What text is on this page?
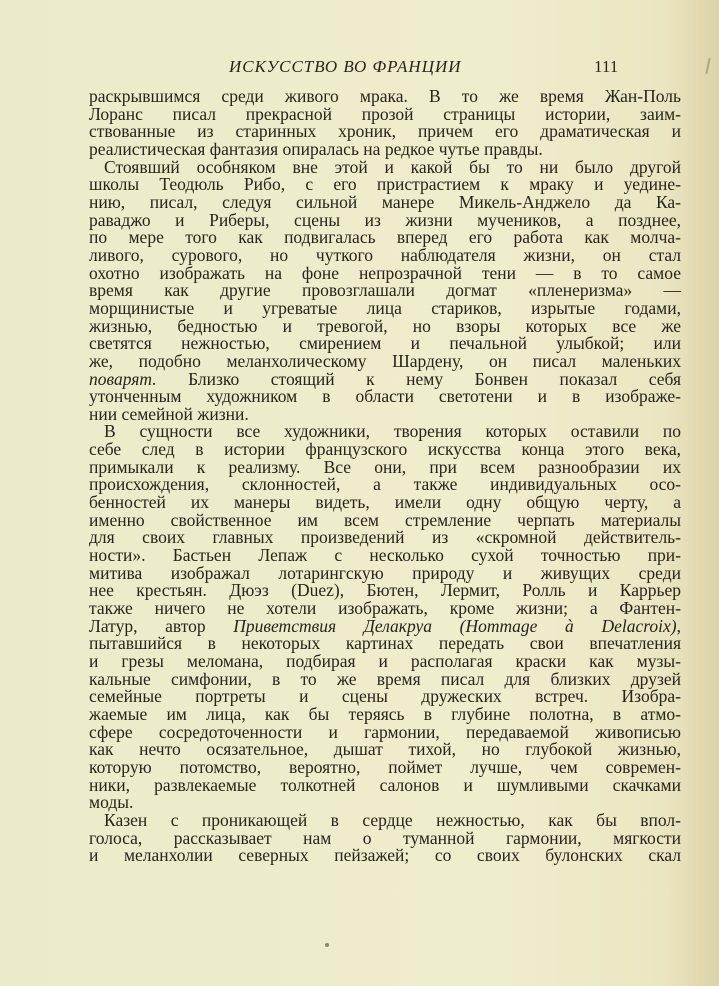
ИСКУССТВО ВО ФРАНЦИИ	111
раскрывшимся среди живого мрака. В то же время Жан-Поль
Лоранс писал прекрасной прозой страницы истории, заим-
ствованные из старинных хроник, причем его драматическая и
реалистическая фантазия опиралась на редкое чутье правды.
Стоявший особняком вне этой и какой бы то ни было другой
школы Теодюль Рибо, с его пристрастием к мраку и уедине-
нию, писал, следуя сильной манере Микель-Анджело да Ка-
раваджо и Риберы, сцены из жизни мучеников, а позднее,
по мере того как подвигалась вперед его работа как молча-
ливого, сурового, но чуткого наблюдателя жизни, он стал
охотно изображать на фоне непрозрачной тени — в то самое
время как другие провозглашали догмат «пленеризма» —
морщинистые и угреватые лица стариков, изрытые годами,
жизнью, бедностью и тревогой, но взоры которых все же
светятся нежностью, смирением и печальной улыбкой; или
же, подобно меланхолическому Шардену, он писал маленьких
поварят. Близко стоящий к нему Бонвен показал себя
утонченным художником в области светотени и в изображе-
нии семейной жизни.
В сущности все художники, творения которых оставили по
себе след в истории французского искусства конца этого века,
примыкали к реализму. Все они, при всем разнообразии их
происхождения, склонностей, а также индивидуальных осо-
бенностей их манеры видеть, имели одну общую черту, а
именно свойственное им всем стремление черпать материалы
для своих главных произведений из «скромной действитель-
ности». Бастьен Лепаж с несколько сухой точностью при-
митива изображал лотарингскую природу и живущих среди
нее крестьян. Дюэз (Duez), Бютен, Лермит, Ролль и Каррьер
также ничего не хотели изображать, кроме жизни; а Фантен-
Латур, автор Приветствия Делакруа (Hommage à Delacroix),
пытавшийся в некоторых картинах передать свои впечатления
и грезы меломана, подбирая и располагая краски как музы-
кальные симфонии, в то же время писал для близких друзей
семейные портреты и сцены дружеских встреч. Изобра-
жаемые им лица, как бы теряясь в глубине полотна, в атмо-
сфере сосредоточенности и гармонии, передаваемой живописью
как нечто осязательное, дышат тихой, но глубокой жизнью,
которую потомство, вероятно, поймет лучше, чем современ-
ники, развлекаемые толкотней салонов и шумливыми скачками
моды.
Казен с проникающей в сердце нежностью, как бы впол-
голоса, рассказывает нам о туманной гармонии, мягкости
и меланхолии северных пейзажей; со своих булонских скал
